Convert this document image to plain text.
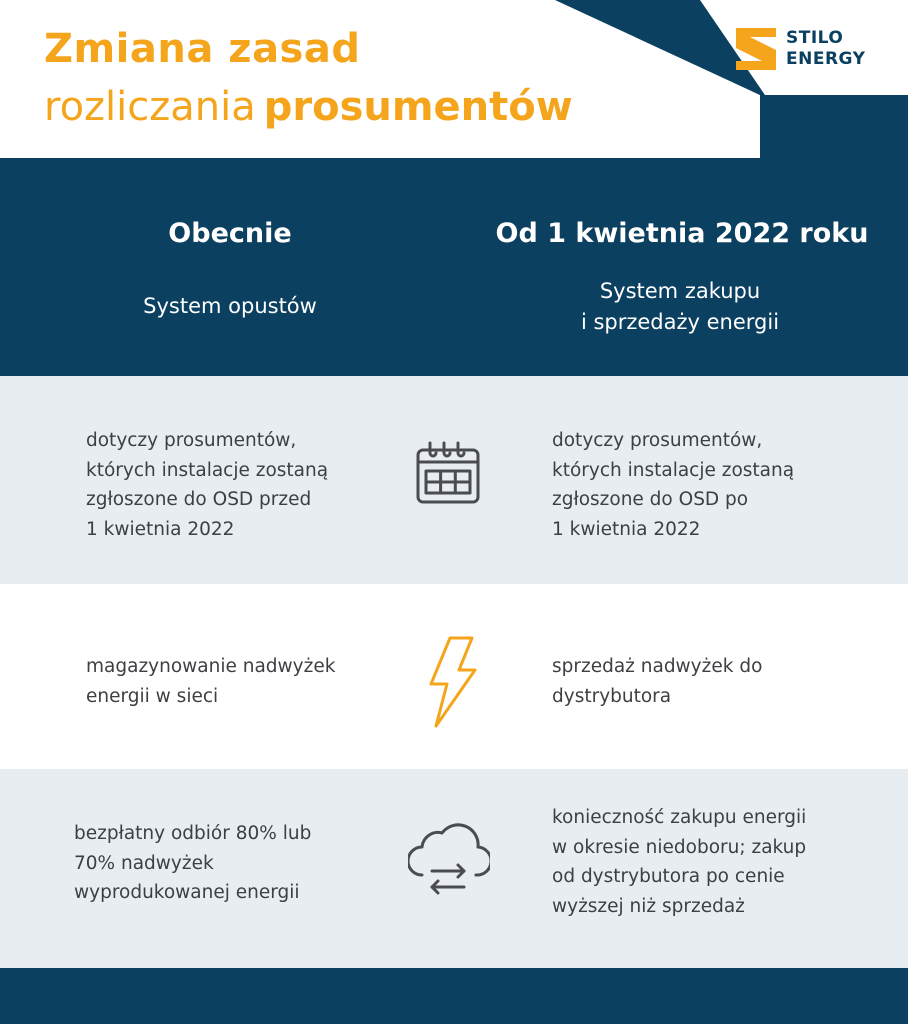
Zmiana zasad
rozliczania prosumentów
STILO
ENERGY
Obecnie
System opustów
Od 1 kwietnia 2022 roku
System zakupu
i sprzedaży energii
dotyczy prosumentów,
których instalacje zostaną
zgłoszone do OSD przed
1 kwietnia 2022
dotyczy prosumentów,
których instalacje zostaną
zgłoszone do OSD po
1 kwietnia 2022
magazynowanie nadwyżek
energii w sieci
sprzedaż nadwyżek do
dystrybutora
bezpłatny odbiór 80% lub
70% nadwyżek
wyprodukowanej energii
konieczność zakupu energii
w okresie niedoboru; zakup
od dystrybutora po cenie
wyższej niż sprzedaż
